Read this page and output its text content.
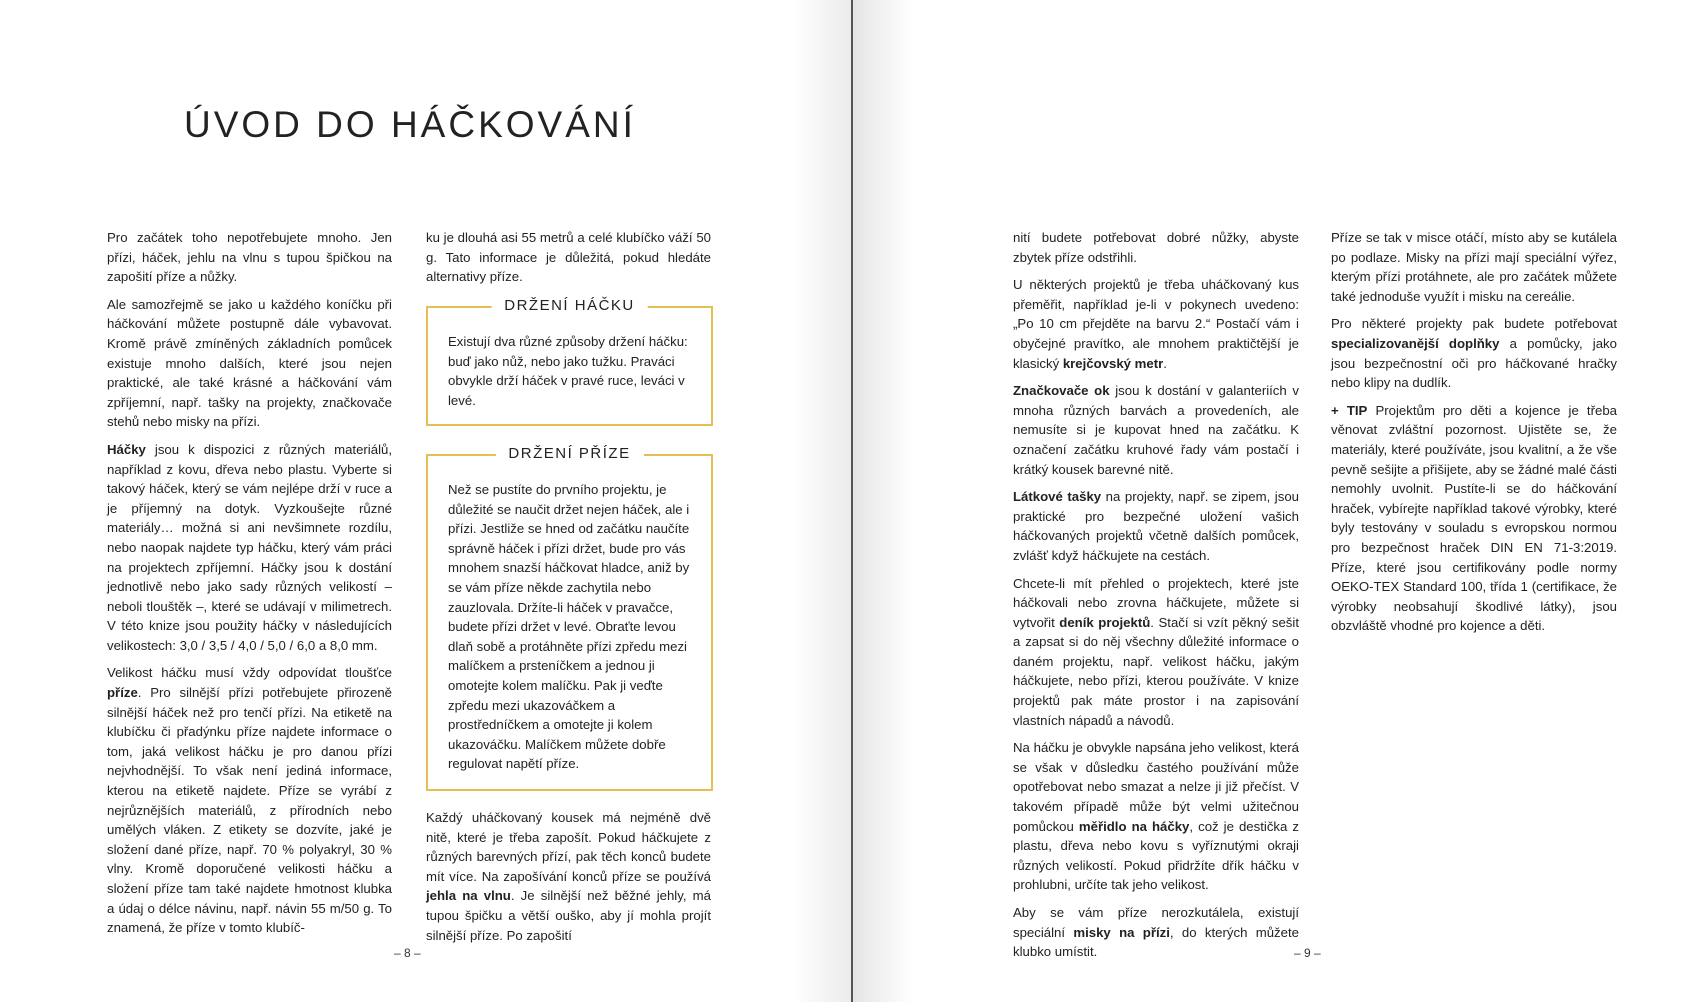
ÚVOD DO HÁČKOVÁNÍ

Pro začátek toho nepotřebujete mnoho. Jen přízi, háček, jehlu na vlnu s tupou špičkou na zapošití příze a nůžky.

Ale samozřejmě se jako u každého koníčku při háčkování můžete postupně dále vybavovat. Kromě právě zmíněných základních pomůcek existuje mnoho dalších, které jsou nejen praktické, ale také krásné a háčkování vám zpříjemní, např. tašky na projekty, značkovače stehů nebo misky na přízi.

Háčky jsou k dispozici z různých materiálů, například z kovu, dřeva nebo plastu. Vyberte si takový háček, který se vám nejlépe drží v ruce a je příjemný na dotyk. Vyzkoušejte různé materiály… možná si ani nevšimnete rozdílu, nebo naopak najdete typ háčku, který vám práci na projektech zpříjemní. Háčky jsou k dostání jednotlivě nebo jako sady různých velikostí – neboli tlouštěk –, které se udávají v milimetrech. V této knize jsou použity háčky v následujících velikostech: 3,0 / 3,5 / 4,0 / 5,0 / 6,0 a 8,0 mm.

Velikost háčku musí vždy odpovídat tloušťce příze. Pro silnější přízi potřebujete přirozeně silnější háček než pro tenčí přízi. Na etiketě na klubíčku či přadýnku příze najdete informace o tom, jaká velikost háčku je pro danou přízi nejvhodnější. To však není jediná informace, kterou na etiketě najdete. Příze se vyrábí z nejrůznějších materiálů, z přírodních nebo umělých vláken. Z etikety se dozvíte, jaké je složení dané příze, např. 70 % polyakryl, 30 % vlny. Kromě doporučené velikosti háčku a složení příze tam také najdete hmotnost klubka a údaj o délce návinu, např. návin 55 m/50 g. To znamená, že příze v tomto klubíč-

ku je dlouhá asi 55 metrů a celé klubíčko váží 50 g. Tato informace je důležitá, pokud hledáte alternativy příze.

DRŽENÍ HÁČKU
Existují dva různé způsoby držení háčku: buď jako nůž, nebo jako tužku. Praváci obvykle drží háček v pravé ruce, leváci v levé.
DRŽENÍ PŘÍZE
Než se pustíte do prvního projektu, je důležité se naučit držet nejen háček, ale i přízi. Jestliže se hned od začátku naučíte správně háček i přízi držet, bude pro vás mnohem snazší háčkovat hladce, aniž by se vám příze někde zachytila nebo zauzlovala. Držíte-li háček v pravačce, budete přízi držet v levé. Obraťte levou dlaň sobě a protáhněte přízi zpředu mezi malíčkem a prsteníčkem a jednou ji omotejte kolem malíčku. Pak ji veďte zpředu mezi ukazováčkem a prostředníčkem a omotejte ji kolem ukazováčku. Malíčkem můžete dobře regulovat napětí příze.

Každý uháčkovaný kousek má nejméně dvě nitě, které je třeba zapošít. Pokud háčkujete z různých barevných přízí, pak těch konců budete mít více. Na zapošívání konců příze se používá jehla na vlnu. Je silnější než běžné jehly, má tupou špičku a větší ouško, aby jí mohla projít silnější příze. Po zapošití

– 8 –

nití budete potřebovat dobré nůžky, abyste zbytek příze odstřihli.

U některých projektů je třeba uháčkovaný kus přeměřit, například je-li v pokynech uvedeno: „Po 10 cm přejděte na barvu 2.“ Postačí vám i obyčejné pravítko, ale mnohem praktičtější je klasický krejčovský metr.

Značkovače ok jsou k dostání v galanteriích v mnoha různých barvách a provedeních, ale nemusíte si je kupovat hned na začátku. K označení začátku kruhové řady vám postačí i krátký kousek barevné nitě.

Látkové tašky na projekty, např. se zipem, jsou praktické pro bezpečné uložení vašich háčkovaných projektů včetně dalších pomůcek, zvlášť když háčkujete na cestách.

Chcete-li mít přehled o projektech, které jste háčkovali nebo zrovna háčkujete, můžete si vytvořit deník projektů. Stačí si vzít pěkný sešit a zapsat si do něj všechny důležité informace o daném projektu, např. velikost háčku, jakým háčkujete, nebo přízi, kterou používáte. V knize projektů pak máte prostor i na zapisování vlastních nápadů a návodů.

Na háčku je obvykle napsána jeho velikost, která se však v důsledku častého používání může opotřebovat nebo smazat a nelze ji již přečíst. V takovém případě může být velmi užitečnou pomůckou měřidlo na háčky, což je destička z plastu, dřeva nebo kovu s vyříznutými okraji různých velikostí. Pokud přidržíte dřík háčku v prohlubni, určíte tak jeho velikost.

Aby se vám příze nerozkutálela, existují speciální misky na přízi, do kterých můžete klubko umístit.

Příze se tak v misce otáčí, místo aby se kutálela po podlaze. Misky na přízi mají speciální výřez, kterým přízi protáhnete, ale pro začátek můžete také jednoduše využít i misku na cereálie.

Pro některé projekty pak budete potřebovat specializovanější doplňky a pomůcky, jako jsou bezpečnostní oči pro háčkované hračky nebo klipy na dudlík.

+ TIP Projektům pro děti a kojence je třeba věnovat zvláštní pozornost. Ujistěte se, že materiály, které používáte, jsou kvalitní, a že vše pevně sešijte a přišijete, aby se žádné malé části nemohly uvolnit. Pustíte-li se do háčkování hraček, vybírejte například takové výrobky, které byly testovány v souladu s evropskou normou pro bezpečnost hraček DIN EN 71-3:2019. Příze, které jsou certifikovány podle normy OEKO-TEX Standard 100, třída 1 (certifikace, že výrobky neobsahují škodlivé látky), jsou obzvláště vhodné pro kojence a děti.

– 9 –
